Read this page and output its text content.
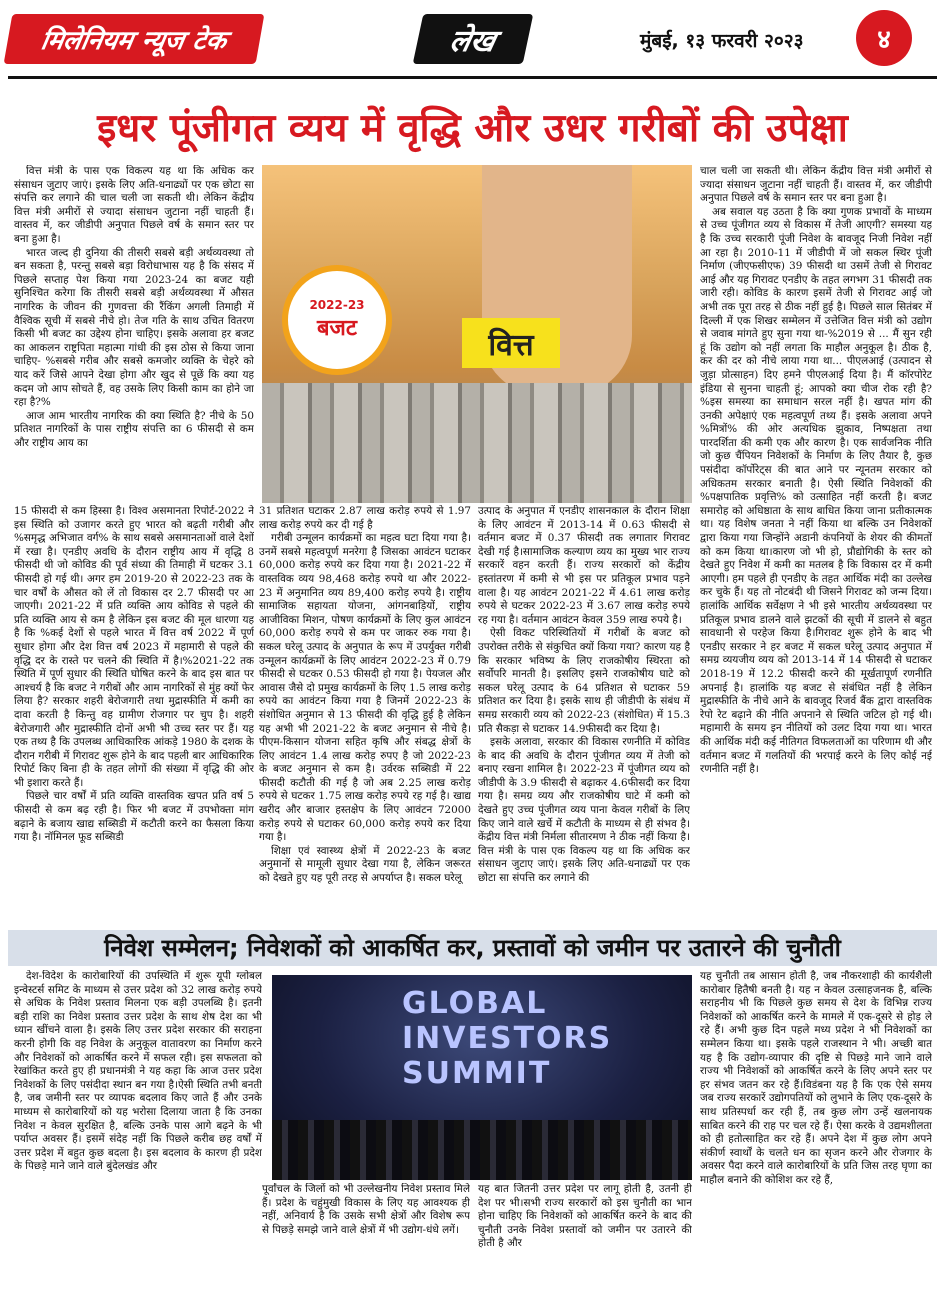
मिलेनियम न्यूज टेक	लेख	मुंबई, १३ फरवरी २०२३	४
इधर पूंजीगत व्यय में वृद्धि और उधर गरीबों की उपेक्षा
2022-23
बजट	वित्त

वित्त मंत्री के पास एक विकल्प यह था कि अधिक कर संसाधन जुटाए जाएं। इसके लिए अति-धनाढ्यों पर एक छोटा सा संपत्ति कर लगाने की चाल चली जा सकती थी। लेकिन केंद्रीय वित्त मंत्री अमीरों से ज्यादा संसाधन जुटाना नहीं चाहती हैं। वास्तव में, कर जीडीपी अनुपात पिछले वर्ष के समान स्तर पर बना हुआ है।

भारत जल्द ही दुनिया की तीसरी सबसे बड़ी अर्थव्यवस्था तो बन सकता है, परन्तु सबसे बड़ा विरोधाभास यह है कि संसद में पिछले सप्ताह पेश किया गया 2023-24 का बजट यही सुनिश्चित करेगा कि तीसरी सबसे बड़ी अर्थव्यवस्था में औसत नागरिक के जीवन की गुणवत्ता की रैंकिंग अगली तिमाही में वैश्विक सूची में सबसे नीचे हो। तेज गति के साथ उचित वितरण किसी भी बजट का उद्देश्य होना चाहिए। इसके अलावा हर बजट का आकलन राष्ट्रपिता महात्मा गांधी की इस ठोस से किया जाना चाहिए- %सबसे गरीब और सबसे कमजोर व्यक्ति के चेहरे को याद करें जिसे आपने देखा होगा और खुद से पूछें कि क्या यह कदम जो आप सोचते हैं, वह उसके लिए किसी काम का होने जा रहा है?%

आज आम भारतीय नागरिक की क्या स्थिति है? नीचे के 50 प्रतिशत नागरिकों के पास राष्ट्रीय संपत्ति का 6 फीसदी से कम और राष्ट्रीय आय का

15 फीसदी से कम हिस्सा है। विश्व असमानता रिपोर्ट-2022 ने इस स्थिति को उजागर करते हुए भारत को बढ़ती गरीबी और %समृद्ध अभिजात वर्ग% के साथ सबसे असमानताओं वाले देशों में रखा है। एनडीए अवधि के दौरान राष्ट्रीय आय में वृद्धि 8 फीसदी थी जो कोविड की पूर्व संध्या की तिमाही में घटकर 3.1 फीसदी हो गई थी। अगर हम 2019-20 से 2022-23 तक के चार वर्षों के औसत को लें तो विकास दर 2.7 फीसदी पर आ जाएगी। 2021-22 में प्रति व्यक्ति आय कोविड से पहले की प्रति व्यक्ति आय से कम है लेकिन इस बजट की मूल धारणा यह है कि %कई देशों से पहले भारत में वित्त वर्ष 2022 में पूर्ण सुधार होगा और देश वित्त वर्ष 2023 में महामारी से पहले की वृद्धि दर के रास्ते पर चलने की स्थिति में है।%2021-22 तक स्थिति में पूर्ण सुधार की स्थिति घोषित करने के बाद इस बात पर आश्चर्य है कि बजट ने गरीबों और आम नागरिकों से मुंह क्यों फेर लिया है? सरकार शहरी बेरोजगारी तथा मुद्रास्फीति में कमी का दावा करती है किन्तु वह ग्रामीण रोजगार पर चुप है। शहरी बेरोजगारी और मुद्रास्फीति दोनों अभी भी उच्च स्तर पर हैं। यह एक तथ्य है कि उपलब्ध आधिकारिक आंकड़े 1980 के दशक के दौरान गरीबी में गिरावट शुरू होने के बाद पहली बार आधिकारिक रिपोर्ट किए बिना ही के तहत लोगों की संख्या में वृद्धि की ओर भी इशारा करते हैं।

पिछले चार वर्षों में प्रति व्यक्ति वास्तविक खपत प्रति वर्ष 5 फीसदी से कम बढ़ रही है। फिर भी बजट में उपभोक्ता मांग बढ़ाने के बजाय खाद्य सब्सिडी में कटौती करने का फैसला किया गया है। नॉमिनल फूड सब्सिडी

31 प्रतिशत घटाकर 2.87 लाख करोड़ रुपये से 1.97 लाख करोड़ रुपये कर दी गई है

गरीबी उन्मूलन कार्यक्रमों का महत्व घटा दिया गया है। उनमें सबसे महत्वपूर्ण मनरेगा है जिसका आवंटन घटाकर 60,000 करोड़ रुपये कर दिया गया है। 2021-22 में वास्तविक व्यय 98,468 करोड़ रुपये था और 2022-23 में अनुमानित व्यय 89,400 करोड़ रुपये है। राष्ट्रीय सामाजिक सहायता योजना, आंगनबाड़ियों, राष्ट्रीय आजीविका मिशन, पोषण कार्यक्रमों के लिए कुल आवंटन 60,000 करोड़ रुपये से कम पर जाकर रुक गया है। सकल घरेलू उत्पाद के अनुपात के रूप में उपर्युक्त गरीबी उन्मूलन कार्यक्रमों के लिए आवंटन 2022-23 में 0.79 फीसदी से घटकर 0.53 फीसदी हो गया है। पेयजल और आवास जैसे दो प्रमुख कार्यक्रमों के लिए 1.5 लाख करोड़ रुपये का आवंटन किया गया है जिनमें 2022-23 के संशोधित अनुमान से 13 फीसदी की वृद्धि हुई है लेकिन यह अभी भी 2021-22 के बजट अनुमान से नीचे है।पीएम-किसान योजना सहित कृषि और संबद्ध क्षेत्रों के लिए आवंटन 1.4 लाख करोड़ रुपए है जो 2022-23 के बजट अनुमान से कम है। उर्वरक सब्सिडी में 22 फीसदी कटौती की गई है जो अब 2.25 लाख करोड़ रुपये से घटकर 1.75 लाख करोड़ रुपये रह गई है। खाद्य खरीद और बाजार हस्तक्षेप के लिए आवंटन 72000 करोड़ रुपये से घटाकर 60,000 करोड़ रुपये कर दिया गया है।

शिक्षा एवं स्वास्थ्य क्षेत्रों में 2022-23 के बजट अनुमानों से मामूली सुधार देखा गया है, लेकिन जरूरत को देखते हुए यह पूरी तरह से अपर्याप्त है। सकल घरेलू

उत्पाद के अनुपात में एनडीए शासनकाल के दौरान शिक्षा के लिए आवंटन में 2013-14 में 0.63 फीसदी से वर्तमान बजट में 0.37 फीसदी तक लगातार गिरावट देखी गई है।सामाजिक कल्याण व्यय का मुख्य भार राज्य सरकारें वहन करती हैं। राज्य सरकारों को केंद्रीय हस्तांतरण में कमी से भी इस पर प्रतिकूल प्रभाव पड़ने वाला है। यह आवंटन 2021-22 में 4.61 लाख करोड़ रुपये से घटकर 2022-23 में 3.67 लाख करोड़ रुपये रह गया है। वर्तमान आवंटन केवल 359 लाख रुपये है।

ऐसी विकट परिस्थितियों में गरीबों के बजट को उपरोक्त तरीके से संकुचित क्यों किया गया? कारण यह है कि सरकार भविष्य के लिए राजकोषीय स्थिरता को सर्वोपरि मानती है। इसलिए इसने राजकोषीय घाटे को सकल घरेलू उत्पाद के 64 प्रतिशत से घटाकर 59 प्रतिशत कर दिया है। इसके साथ ही जीडीपी के संबंध में समग्र सरकारी व्यय को 2022-23 (संशोधित) में 15.3 प्रति सैकड़ा से घटाकर 14.9फीसदी कर दिया है।

इसके अलावा, सरकार की विकास रणनीति में कोविड के बाद की अवधि के दौरान पूंजीगत व्यय में तेजी को बनाए रखना शामिल है। 2022-23 में पूंजीगत व्यय को जीडीपी के 3.9 फीसदी से बढ़ाकर 4.6फीसदी कर दिया गया है। समग्र व्यय और राजकोषीय घाटे में कमी को देखते हुए उच्च पूंजीगत व्यय पाना केवल गरीबों के लिए किए जाने वाले खर्चे में कटौती के माध्यम से ही संभव है। केंद्रीय वित्त मंत्री निर्मला सीतारमण ने ठीक नहीं किया है।वित्त मंत्री के पास एक विकल्प यह था कि अधिक कर संसाधन जुटाए जाएं। इसके लिए अति-धनाढ्यों पर एक छोटा सा संपत्ति कर लगाने की

चाल चली जा सकती थी। लेकिन केंद्रीय वित्त मंत्री अमीरों से ज्यादा संसाधन जुटाना नहीं चाहती हैं। वास्तव में, कर जीडीपी अनुपात पिछले वर्ष के समान स्तर पर बना हुआ है।

अब सवाल यह उठता है कि क्या गुणक प्रभावों के माध्यम से उच्च पूंजीगत व्यय से विकास में तेजी आएगी? समस्या यह है कि उच्च सरकारी पूंजी निवेश के बावजूद निजी निवेश नहीं आ रहा है। 2010-11 में जीडीपी में जो सकल स्थिर पूंजी निर्माण (जीएफसीएफ) 39 फीसदी था उसमें तेजी से गिरावट आई और यह गिरावट एनडीए के तहत लगभग 31 फीसदी तक जारी रही। कोविड के कारण इसमें तेजी से गिरावट आई जो अभी तक पूरा तरह से ठीक नहीं हुई है। पिछले साल सितंबर में दिल्ली में एक शिखर सम्मेलन में उत्तेजित वित्त मंत्री को उद्योग से जवाब मांगते हुए सुना गया था-%2019 से ... मैं सुन रही हूं कि उद्योग को नहीं लगता कि माहौल अनुकूल है। ठीक है, कर की दर को नीचे लाया गया था... पीएलआई (उत्पादन से जुड़ा प्रोत्साहन) दिए हमने पीएलआई दिया है। मैं कॉरपोरेट इंडिया से सुनना चाहती हूं; आपको क्या चीज रोक रही है?%इस समस्या का समाधान सरल नहीं है। खपत मांग की उनकी अपेक्षाएं एक महत्वपूर्ण तथ्य हैं। इसके अलावा अपने %मित्रों% की ओर अत्यधिक झुकाव, निष्पक्षता तथा पारदर्शिता की कमी एक और कारण है। एक सार्वजनिक नीति जो कुछ चैंपियन निवेशकों के निर्माण के लिए तैयार है, कुछ पसंदीदा कॉर्पोरेट्स की बात आने पर न्यूनतम सरकार को अधिकतम सरकार बनाती है। ऐसी स्थिति निवेशकों की %पक्षपातिक प्रवृत्ति% को उत्साहित नहीं करती है। बजट समारोह को अधिष्ठाता के साथ बाधित किया जाना प्रतीकात्मक था। यह विशेष जनता ने नहीं किया था बल्कि उन निवेशकों द्वारा किया गया जिन्होंने अडानी कंपनियों के शेयर की कीमतों को कम किया था।कारण जो भी हो, प्रौद्योगिकी के स्तर को देखते हुए निवेश में कमी का मतलब है कि विकास दर में कमी आएगी। हम पहले ही एनडीए के तहत आर्थिक मंदी का उल्लेख कर चुके हैं। यह तो नोटबंदी थी जिसने गिरावट को जन्म दिया। हालांकि आर्थिक सर्वेक्षण ने भी इसे भारतीय अर्थव्यवस्था पर प्रतिकूल प्रभाव डालने वाले झटकों की सूची में डालने से बहुत सावधानी से परहेज किया है।गिरावट शुरू होने के बाद भी एनडीए सरकार ने हर बजट में सकल घरेलू उत्पाद अनुपात में समग्र व्ययजीय व्यय को 2013-14 में 14 फीसदी से घटाकर 2018-19 में 12.2 फीसदी करने की मूर्खतापूर्ण रणनीति अपनाई है। हालांकि यह बजट से संबंधित नहीं है लेकिन मुद्रास्फीति के नीचे आने के बावजूद रिजर्व बैंक द्वारा वास्तविक रेपो रेट बढ़ाने की नीति अपनाने से स्थिति जटिल हो गई थी। महामारी के समय इन नीतियों को उलट दिया गया था। भारत की आर्थिक मंदी कई नीतिगत विफलताओं का परिणाम थी और वर्तमान बजट में गलतियों की भरपाई करने के लिए कोई नई रणनीति नहीं है।

निवेश सम्मेलन; निवेशकों को आकर्षित कर, प्रस्तावों को जमीन पर उतारने की चुनौती
GLOBAL INVESTORS SUMMIT

देश-विदेश के कारोबारियों की उपस्थिति में शुरू यूपी ग्लोबल इन्वेस्टर्स समिट के माध्यम से उत्तर प्रदेश को 32 लाख करोड़ रुपये से अधिक के निवेश प्रस्ताव मिलना एक बड़ी उपलब्धि है। इतनी बड़ी राशि का निवेश प्रस्ताव उत्तर प्रदेश के साथ शेष देश का भी ध्यान खींचने वाला है। इसके लिए उत्तर प्रदेश सरकार की सराहना करनी होगी कि वह निवेश के अनुकूल वातावरण का निर्माण करने और निवेशकों को आकर्षित करने में सफल रही। इस सफलता को रेखांकित करते हुए ही प्रधानमंत्री ने यह कहा कि आज उत्तर प्रदेश निवेशकों के लिए पसंदीदा स्थान बन गया है।ऐसी स्थिति तभी बनती है, जब जमीनी स्तर पर व्यापक बदलाव किए जाते हैं और उनके माध्यम से कारोबारियों को यह भरोसा दिलाया जाता है कि उनका निवेश न केवल सुरक्षित है, बल्कि उनके पास आगे बढ़ने के भी पर्याप्त अवसर हैं। इसमें संदेह नहीं कि पिछले करीब छह वर्षों में उत्तर प्रदेश में बहुत कुछ बदला है। इस बदलाव के कारण ही प्रदेश के पिछड़े माने जाने वाले बुंदेलखंड और

पूर्वांचल के जिलों को भी उल्लेखनीय निवेश प्रस्ताव मिले हैं। प्रदेश के चहुंमुखी विकास के लिए यह आवश्यक ही नहीं, अनिवार्य है कि उसके सभी क्षेत्रों और विशेष रूप से पिछड़े समझे जाने वाले क्षेत्रों में भी उद्योग-धंधे लगें।

यह बात जितनी उत्तर प्रदेश पर लागू होती है, उतनी ही देश पर भी।सभी राज्य सरकारों को इस चुनौती का भान होना चाहिए कि निवेशकों को आकर्षित करने के बाद की चुनौती उनके निवेश प्रस्तावों को जमीन पर उतारने की होती है और

यह चुनौती तब आसान होती है, जब नौकरशाही की कार्यशैली कारोबार हितैषी बनती है। यह न केवल उत्साहजनक है, बल्कि सराहनीय भी कि पिछले कुछ समय से देश के विभिन्न राज्य निवेशकों को आकर्षित करने के मामले में एक-दूसरे से होड़ ले रहे हैं। अभी कुछ दिन पहले मध्य प्रदेश ने भी निवेशकों का सम्मेलन किया था। इसके पहले राजस्थान ने भी। अच्छी बात यह है कि उद्योग-व्यापार की दृष्टि से पिछड़े माने जाने वाले राज्य भी निवेशकों को आकर्षित करने के लिए अपने स्तर पर हर संभव जतन कर रहे हैं।विडंबना यह है कि एक ऐसे समय जब राज्य सरकारें उद्योगपतियों को लुभाने के लिए एक-दूसरे के साथ प्रतिस्पर्धा कर रही हैं, तब कुछ लोग उन्हें खलनायक साबित करने की राह पर चल रहे हैं। ऐसा करके वे उद्यमशीलता को ही हतोत्साहित कर रहे हैं। अपने देश में कुछ लोग अपने संकीर्ण स्वार्थों के चलते धन का सृजन करने और रोजगार के अवसर पैदा करने वाले कारोबारियों के प्रति जिस तरह घृणा का माहौल बनाने की कोशिश कर रहे हैं,
